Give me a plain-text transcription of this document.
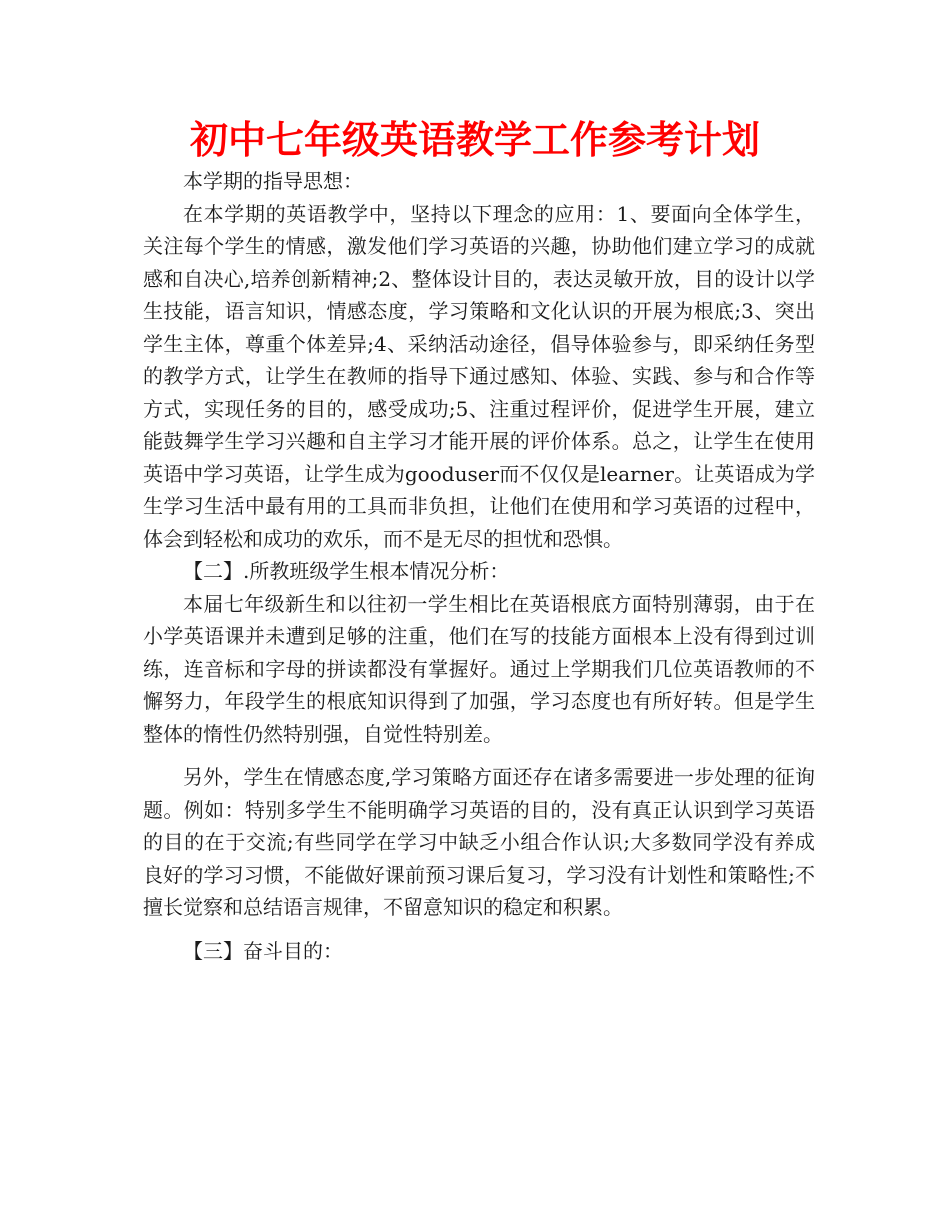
初中七年级英语教学工作参考计划

本学期的指导思想：

在本学期的英语教学中，坚持以下理念的应用：1、要面向全体学生，关注每个学生的情感，激发他们学习英语的兴趣，协助他们建立学习的成就感和自决心,培养创新精神;2、整体设计目的，表达灵敏开放，目的设计以学生技能，语言知识，情感态度，学习策略和文化认识的开展为根底;3、突出学生主体，尊重个体差异;4、采纳活动途径，倡导体验参与，即采纳任务型的教学方式，让学生在教师的指导下通过感知、体验、实践、参与和合作等方式，实现任务的目的，感受成功;5、注重过程评价，促进学生开展，建立能鼓舞学生学习兴趣和自主学习才能开展的评价体系。总之，让学生在使用英语中学习英语，让学生成为gooduser而不仅仅是learner。让英语成为学生学习生活中最有用的工具而非负担，让他们在使用和学习英语的过程中，体会到轻松和成功的欢乐，而不是无尽的担忧和恐惧。

【二】.所教班级学生根本情况分析：

本届七年级新生和以往初一学生相比在英语根底方面特别薄弱，由于在小学英语课并未遭到足够的注重，他们在写的技能方面根本上没有得到过训练，连音标和字母的拼读都没有掌握好。通过上学期我们几位英语教师的不懈努力，年段学生的根底知识得到了加强，学习态度也有所好转。但是学生整体的惰性仍然特别强，自觉性特别差。

另外，学生在情感态度,学习策略方面还存在诸多需要进一步处理的征询题。例如：特别多学生不能明确学习英语的目的，没有真正认识到学习英语的目的在于交流;有些同学在学习中缺乏小组合作认识;大多数同学没有养成良好的学习习惯，不能做好课前预习课后复习，学习没有计划性和策略性;不擅长觉察和总结语言规律，不留意知识的稳定和积累。

【三】奋斗目的：
